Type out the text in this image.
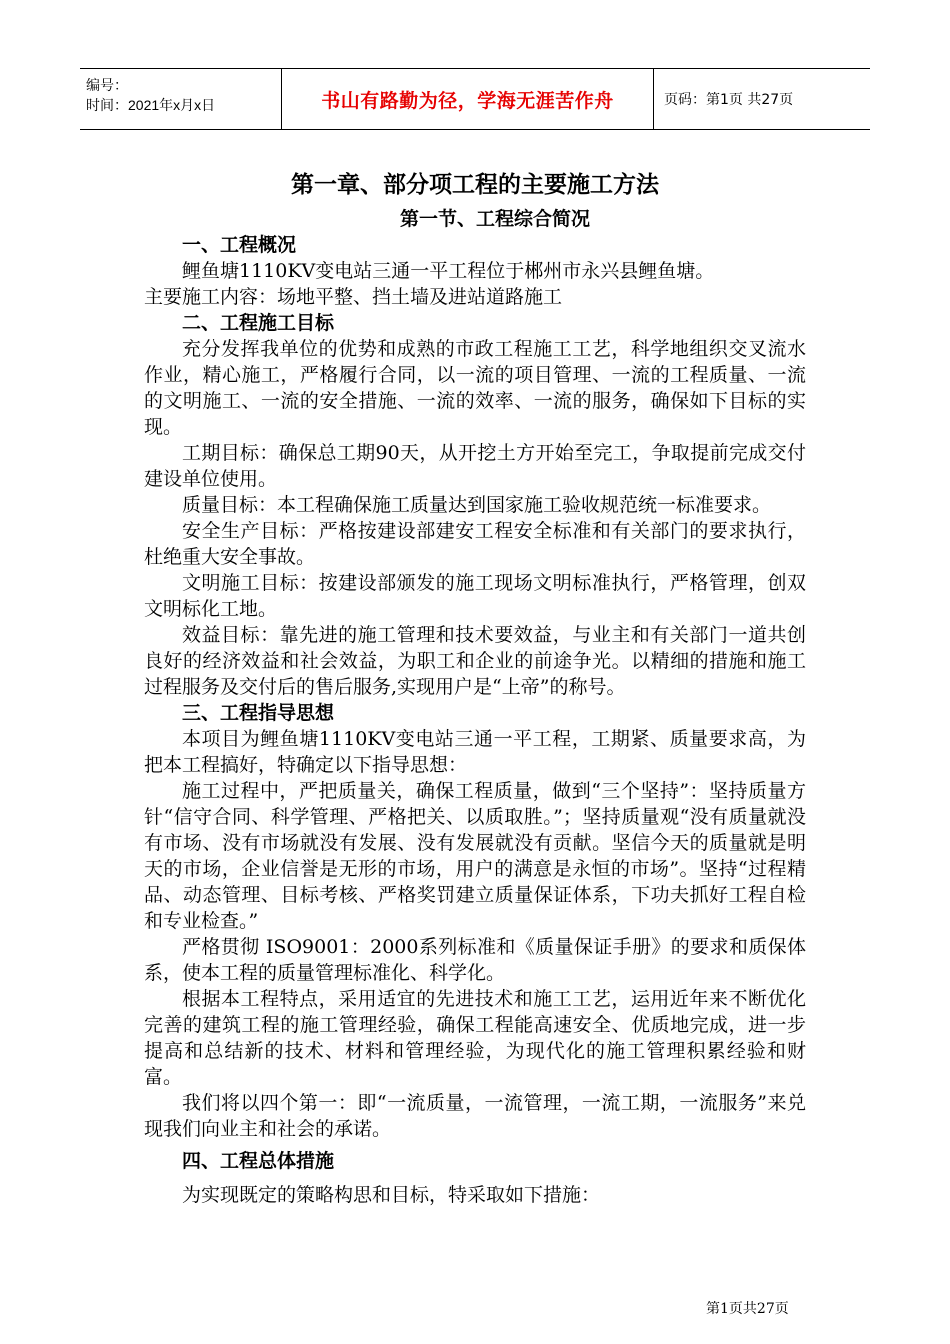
编号：
时间：2021年x月x日	书山有路勤为径，学海无涯苦作舟	页码：第1页 共27页
第一章、部分项工程的主要施工方法
第一节、工程综合简况
一、工程概况

鲤鱼塘1110KV变电站三通一平工程位于郴州市永兴县鲤鱼塘。

主要施工内容：场地平整、挡土墙及进站道路施工

二、工程施工目标

充分发挥我单位的优势和成熟的市政工程施工工艺，科学地组织交叉流水作业，精心施工，严格履行合同，以一流的项目管理、一流的工程质量、一流的文明施工、一流的安全措施、一流的效率、一流的服务，确保如下目标的实现。

工期目标：确保总工期90天，从开挖土方开始至完工，争取提前完成交付建设单位使用。

质量目标：本工程确保施工质量达到国家施工验收规范统一标准要求。

安全生产目标：严格按建设部建安工程安全标准和有关部门的要求执行，杜绝重大安全事故。

文明施工目标：按建设部颁发的施工现场文明标准执行，严格管理，创双文明标化工地。

效益目标：靠先进的施工管理和技术要效益，与业主和有关部门一道共创良好的经济效益和社会效益，为职工和企业的前途争光。以精细的措施和施工过程服务及交付后的售后服务,实现用户是“上帝”的称号。

三、工程指导思想

本项目为鲤鱼塘1110KV变电站三通一平工程，工期紧、质量要求高，为把本工程搞好，特确定以下指导思想：

施工过程中，严把质量关，确保工程质量，做到“三个坚持”：坚持质量方针“信守合同、科学管理、严格把关、以质取胜。”；坚持质量观“没有质量就没有市场、没有市场就没有发展、没有发展就没有贡献。坚信今天的质量就是明天的市场，企业信誉是无形的市场，用户的满意是永恒的市场”。坚持“过程精品、动态管理、目标考核、严格奖罚建立质量保证体系，下功夫抓好工程自检和专业检查。”

严格贯彻 ISO9001：2000系列标准和《质量保证手册》的要求和质保体系，使本工程的质量管理标准化、科学化。

根据本工程特点，采用适宜的先进技术和施工工艺，运用近年来不断优化完善的建筑工程的施工管理经验，确保工程能高速安全、优质地完成，进一步提高和总结新的技术、材料和管理经验，为现代化的施工管理积累经验和财富。

我们将以四个第一：即“一流质量，一流管理，一流工期，一流服务”来兑现我们向业主和社会的承诺。

四、工程总体措施

为实现既定的策略构思和目标，特采取如下措施：

第1页共27页
